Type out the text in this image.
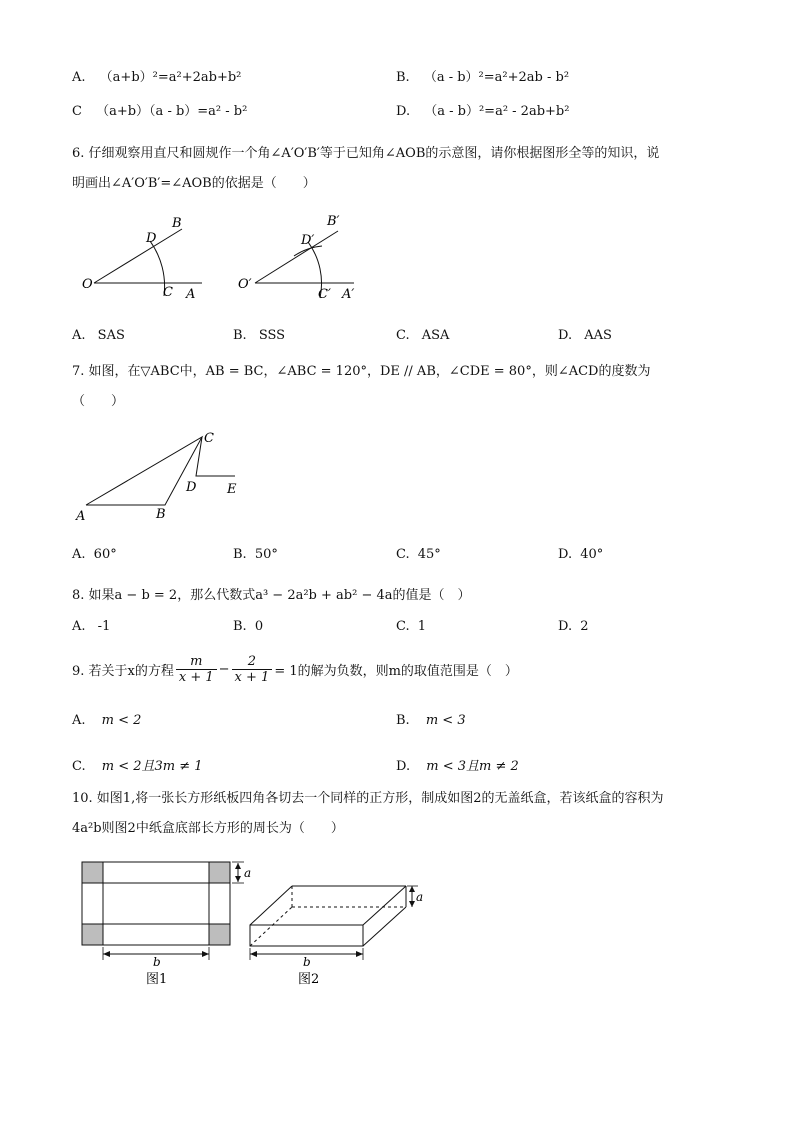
A. （a+b）²=a²+2ab+b²	B. （a - b）²=a²+2ab - b²
C （a+b）（a - b）=a² - b²	D. （a - b）²=a² - 2ab+b²
6. 仔细观察用直尺和圆规作一个角∠A′O′B′等于已知角∠AOB的示意图，请你根据图形全等的知识，说
明画出∠A′O′B′=∠AOB的依据是（　　）
B
D
O
C A
B′
D′
O′
C′ A′
A. SAS	B. SSS	C. ASA	D. AAS
7. 如图，在▽ABC中，AB = BC，∠ABC = 120°，DE // AB，∠CDE = 80°，则∠ACD的度数为
（　　）
C
D E
A	B
A. 60°	B. 50°	C. 45°	D. 40°
8. 如果a − b = 2，那么代数式a³ − 2a²b + ab² − 4a的值是（　）
A. -1	B. 0	C. 1	D. 2
9. 若关于x的方程 $\frac{m}{x + 1} - \frac{2}{x + 1} = 1$的解为负数，则m的取值范围是（　）
A. m < 2	B. m < 3
C. m < 2且3m ≠ 1	D. m < 3且m ≠ 2
10. 如图1,将一张长方形纸板四角各切去一个同样的正方形，制成如图2的无盖纸盒，若该纸盒的容积为
4a²b则图2中纸盒底部长方形的周长为（　　）
a
b
图1
a
b
图2
